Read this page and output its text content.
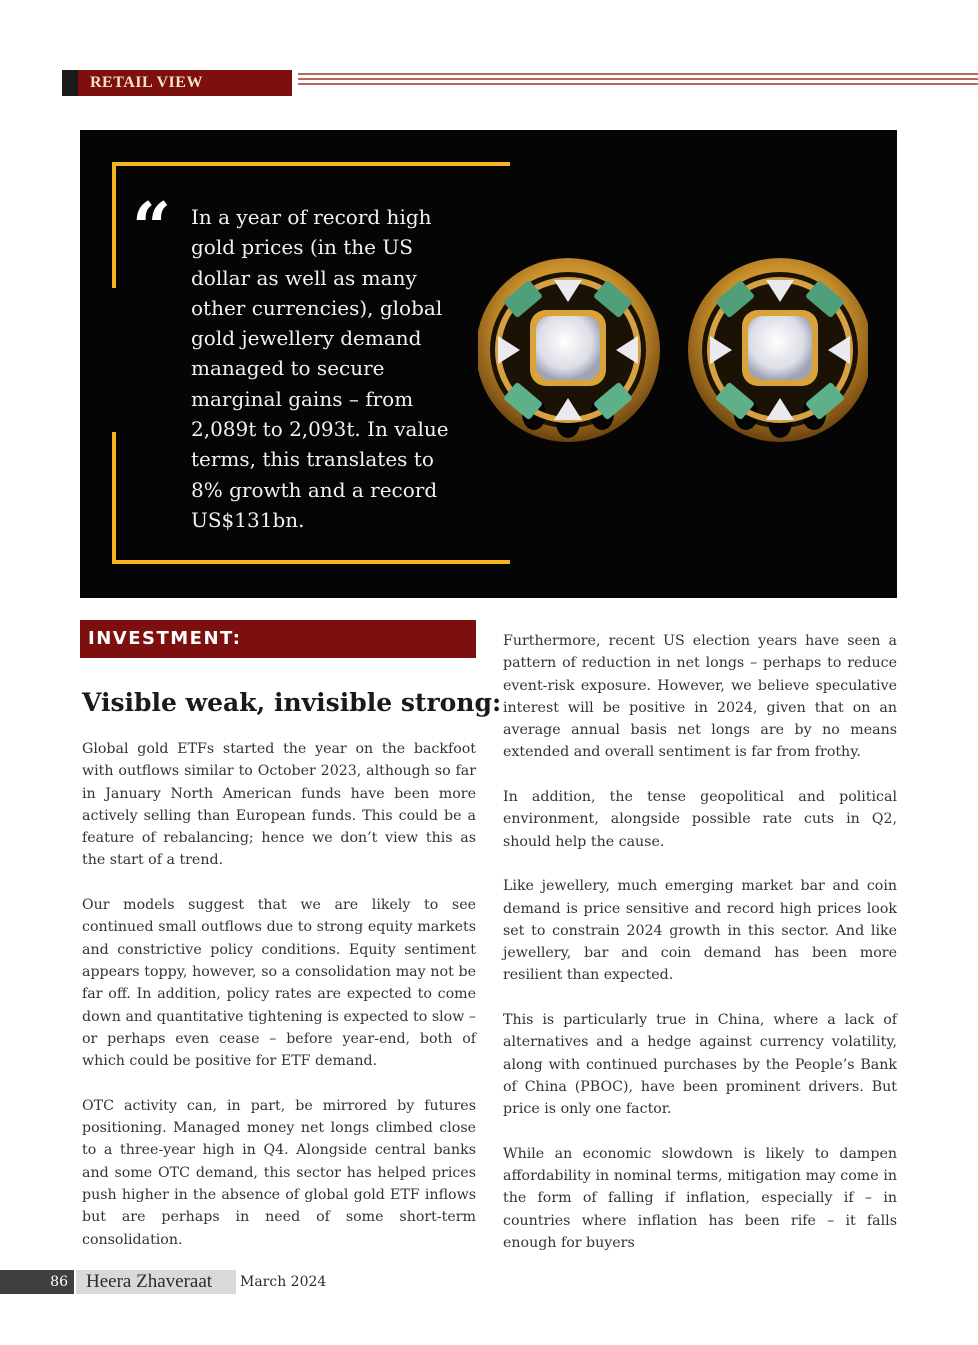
RETAIL VIEW
“ In a year of record high gold prices (in the US dollar as well as many other currencies), global gold jewellery demand managed to secure marginal gains – from 2,089t to 2,093t. In value terms, this translates to 8% growth and a record US$131bn.
INVESTMENT:
Visible weak, invisible strong:

Global gold ETFs started the year on the backfoot with outflows similar to October 2023, although so far in January North American funds have been more actively selling than European funds. This could be a feature of rebalancing; hence we don’t view this as the start of a trend.

Our models suggest that we are likely to see continued small outflows due to strong equity markets and constrictive policy conditions. Equity sentiment appears toppy, however, so a consolidation may not be far off. In addition, policy rates are expected to come down and quantitative tightening is expected to slow – or perhaps even cease – before year-end, both of which could be positive for ETF demand.

OTC activity can, in part, be mirrored by futures positioning. Managed money net longs climbed close to a three-year high in Q4. Alongside central banks and some OTC demand, this sector has helped prices push higher in the absence of global gold ETF inflows but are perhaps in need of some short-term consolidation.

Furthermore, recent US election years have seen a pattern of reduction in net longs – perhaps to reduce event-risk exposure. However, we believe speculative interest will be positive in 2024, given that on an average annual basis net longs are by no means extended and overall sentiment is far from frothy.

In addition, the tense geopolitical and political environment, alongside possible rate cuts in Q2, should help the cause.

Like jewellery, much emerging market bar and coin demand is price sensitive and record high prices look set to constrain 2024 growth in this sector. And like jewellery, bar and coin demand has been more resilient than expected.

This is particularly true in China, where a lack of alternatives and a hedge against currency volatility, along with continued purchases by the People’s Bank of China (PBOC), have been prominent drivers. But price is only one factor.

While an economic slowdown is likely to dampen affordability in nominal terms, mitigation may come in the form of falling if inflation, especially if – in countries where inflation has been rife – it falls enough for buyers

86 Heera Zhaveraat	March 2024
